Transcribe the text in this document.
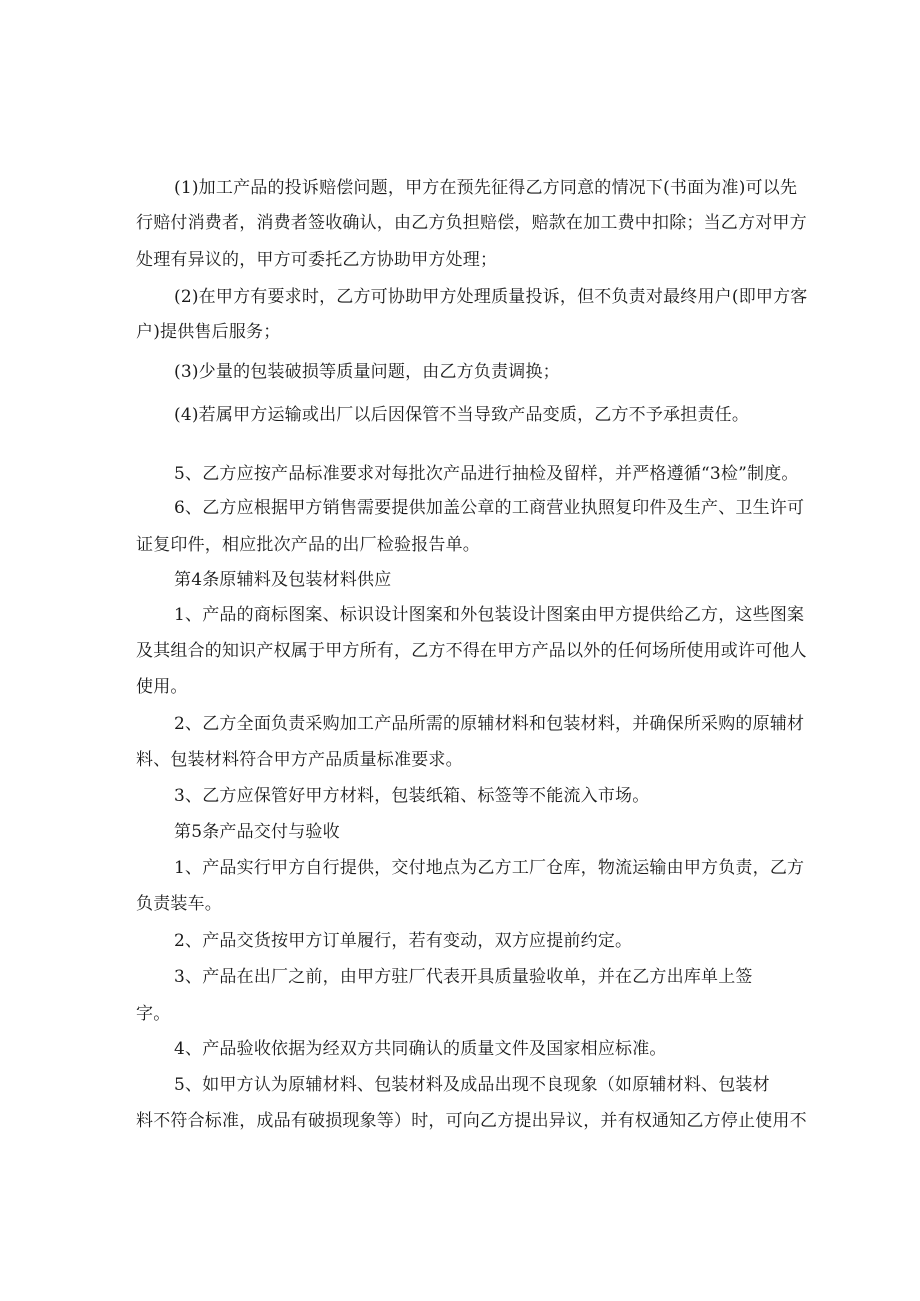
(1)加工产品的投诉赔偿问题，甲方在预先征得乙方同意的情况下(书面为准)可以先
行赔付消费者，消费者签收确认，由乙方负担赔偿，赔款在加工费中扣除；当乙方对甲方
处理有异议的，甲方可委托乙方协助甲方处理；
(2)在甲方有要求时，乙方可协助甲方处理质量投诉，但不负责对最终用户(即甲方客
户)提供售后服务；
(3)少量的包装破损等质量问题，由乙方负责调换；
(4)若属甲方运输或出厂以后因保管不当导致产品变质，乙方不予承担责任。
5、乙方应按产品标准要求对每批次产品进行抽检及留样，并严格遵循“3检”制度。
6、乙方应根据甲方销售需要提供加盖公章的工商营业执照复印件及生产、卫生许可
证复印件，相应批次产品的出厂检验报告单。
第4条原辅料及包装材料供应
1、产品的商标图案、标识设计图案和外包装设计图案由甲方提供给乙方，这些图案
及其组合的知识产权属于甲方所有，乙方不得在甲方产品以外的任何场所使用或许可他人
使用。
2、乙方全面负责采购加工产品所需的原辅材料和包装材料，并确保所采购的原辅材
料、包装材料符合甲方产品质量标准要求。
3、乙方应保管好甲方材料，包装纸箱、标签等不能流入市场。
第5条产品交付与验收
1、产品实行甲方自行提供，交付地点为乙方工厂仓库，物流运输由甲方负责，乙方
负责装车。
2、产品交货按甲方订单履行，若有变动，双方应提前约定。
3、产品在出厂之前，由甲方驻厂代表开具质量验收单，并在乙方出库单上签
字。
4、产品验收依据为经双方共同确认的质量文件及国家相应标准。
5、如甲方认为原辅材料、包装材料及成品出现不良现象（如原辅材料、包装材
料不符合标准，成品有破损现象等）时，可向乙方提出异议，并有权通知乙方停止使用不
